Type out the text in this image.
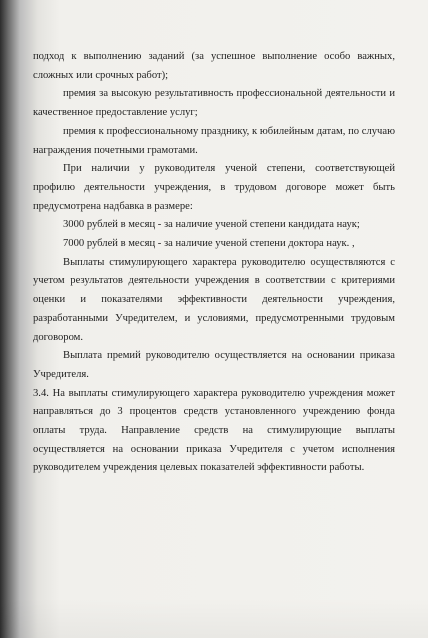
подход к выполнению заданий (за успешное выполнение особо важных, сложных или срочных работ);

премия за высокую результативность профессиональной деятельности и качественное предоставление услуг;

премия к профессиональному празднику, к юбилейным датам, по случаю награждения почетными грамотами.

При наличии у руководителя ученой степени, соответствующей профилю деятельности учреждения, в трудовом договоре может быть предусмотрена надбавка в размере:

3000 рублей в месяц - за наличие ученой степени кандидата наук;

7000 рублей в месяц - за наличие ученой степени доктора наук. ,

Выплаты стимулирующего характера руководителю осуществляются с учетом результатов деятельности учреждения в соответствии с критериями оценки и показателями эффективности деятельности учреждения, разработанными Учредителем, и условиями, предусмотренными трудовым договором.

Выплата премий руководителю осуществляется на основании приказа Учредителя.

3.4. На выплаты стимулирующего характера руководителю учреждения может направляться до 3 процентов средств установленного учреждению фонда оплаты труда. Направление средств на стимулирующие выплаты осуществляется на основании приказа Учредителя с учетом исполнения руководителем учреждения целевых показателей эффективности работы.
